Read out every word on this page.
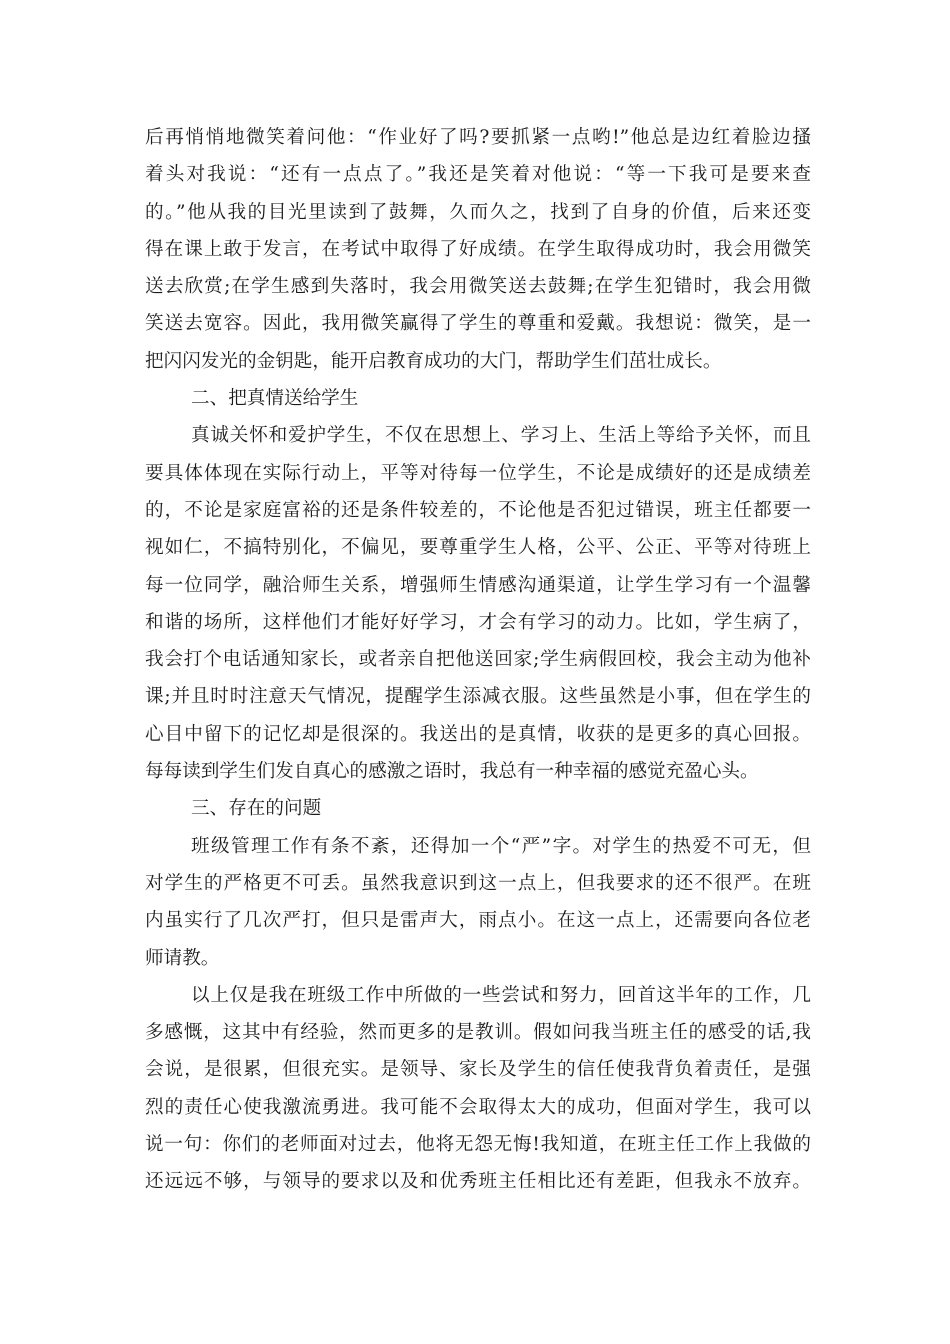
后再悄悄地微笑着问他：“作业好了吗?要抓紧一点哟!”他总是边红着脸边搔
着头对我说：“还有一点点了。”我还是笑着对他说：“等一下我可是要来查
的。”他从我的目光里读到了鼓舞，久而久之，找到了自身的价值，后来还变
得在课上敢于发言，在考试中取得了好成绩。在学生取得成功时，我会用微笑
送去欣赏;在学生感到失落时，我会用微笑送去鼓舞;在学生犯错时，我会用微
笑送去宽容。因此，我用微笑赢得了学生的尊重和爱戴。我想说：微笑，是一
把闪闪发光的金钥匙，能开启教育成功的大门，帮助学生们茁壮成长。
二、把真情送给学生
真诚关怀和爱护学生，不仅在思想上、学习上、生活上等给予关怀，而且
要具体体现在实际行动上，平等对待每一位学生，不论是成绩好的还是成绩差
的，不论是家庭富裕的还是条件较差的，不论他是否犯过错误，班主任都要一
视如仁，不搞特别化，不偏见，要尊重学生人格，公平、公正、平等对待班上
每一位同学，融洽师生关系，增强师生情感沟通渠道，让学生学习有一个温馨
和谐的场所，这样他们才能好好学习，才会有学习的动力。比如，学生病了，
我会打个电话通知家长，或者亲自把他送回家;学生病假回校，我会主动为他补
课;并且时时注意天气情况，提醒学生添减衣服。这些虽然是小事，但在学生的
心目中留下的记忆却是很深的。我送出的是真情，收获的是更多的真心回报。
每每读到学生们发自真心的感激之语时，我总有一种幸福的感觉充盈心头。
三、存在的问题
班级管理工作有条不紊，还得加一个“严”字。对学生的热爱不可无，但
对学生的严格更不可丢。虽然我意识到这一点上，但我要求的还不很严。在班
内虽实行了几次严打，但只是雷声大，雨点小。在这一点上，还需要向各位老
师请教。
以上仅是我在班级工作中所做的一些尝试和努力，回首这半年的工作，几
多感慨，这其中有经验，然而更多的是教训。假如问我当班主任的感受的话,我
会说，是很累，但很充实。是领导、家长及学生的信任使我背负着责任，是强
烈的责任心使我激流勇进。我可能不会取得太大的成功，但面对学生，我可以
说一句：你们的老师面对过去，他将无怨无悔!我知道，在班主任工作上我做的
还远远不够，与领导的要求以及和优秀班主任相比还有差距，但我永不放弃。
